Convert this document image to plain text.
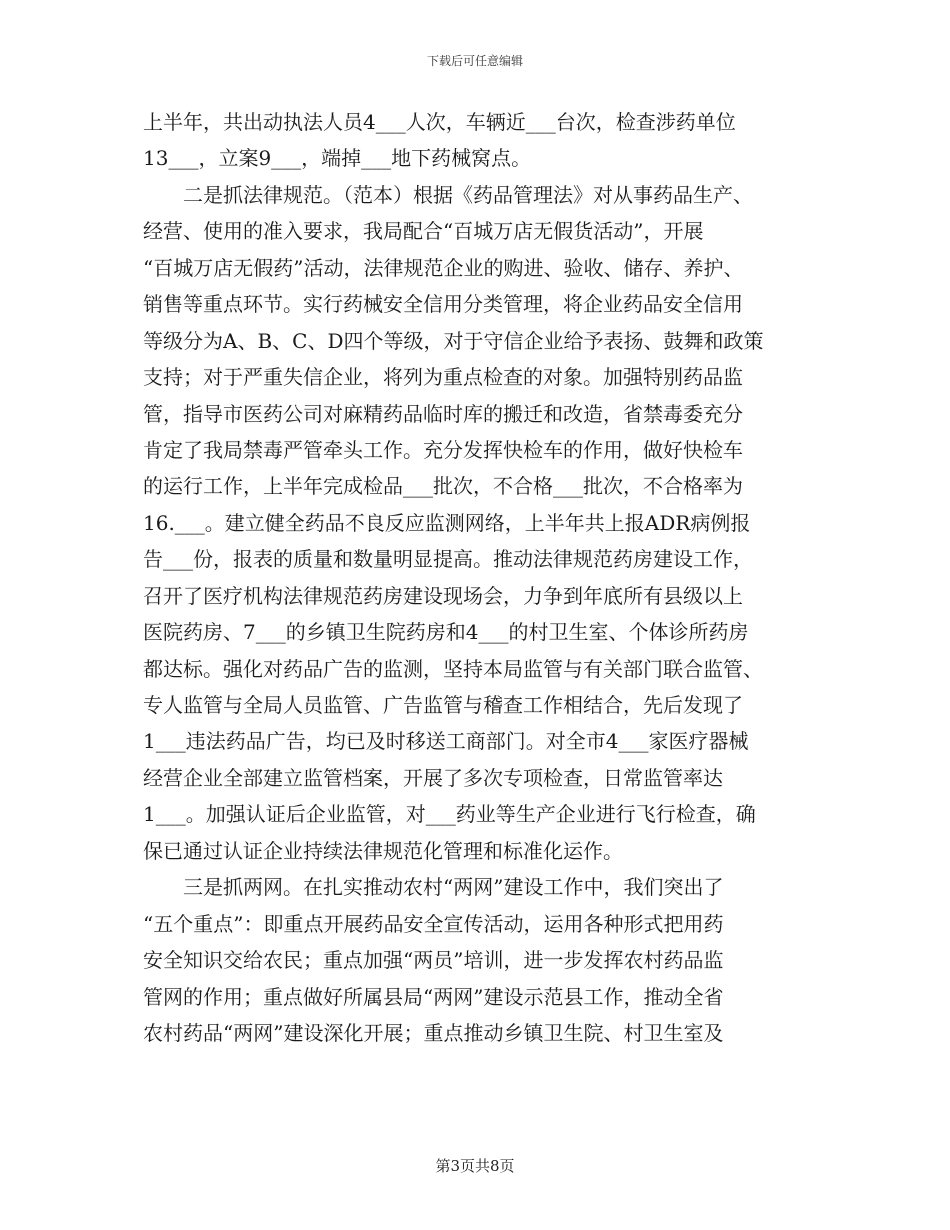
下载后可任意编辑
上半年，共出动执法人员4___人次，车辆近___台次，检查涉药单位
13___，立案9___，端掉___地下药械窝点。
　　二是抓法律规范。（范本）根据《药品管理法》对从事药品生产、
经营、使用的准入要求，我局配合“百城万店无假货活动”，开展
“百城万店无假药”活动，法律规范企业的购进、验收、储存、养护、
销售等重点环节。实行药械安全信用分类管理，将企业药品安全信用
等级分为A、B、C、D四个等级，对于守信企业给予表扬、鼓舞和政策
支持；对于严重失信企业，将列为重点检查的对象。加强特别药品监
管，指导市医药公司对麻精药品临时库的搬迁和改造，省禁毒委充分
肯定了我局禁毒严管牵头工作。充分发挥快检车的作用，做好快检车
的运行工作，上半年完成检品___批次，不合格___批次，不合格率为
16.___。建立健全药品不良反应监测网络，上半年共上报ADR病例报
告___份，报表的质量和数量明显提高。推动法律规范药房建设工作，
召开了医疗机构法律规范药房建设现场会，力争到年底所有县级以上
医院药房、7___的乡镇卫生院药房和4___的村卫生室、个体诊所药房
都达标。强化对药品广告的监测，坚持本局监管与有关部门联合监管、
专人监管与全局人员监管、广告监管与稽查工作相结合，先后发现了
1___违法药品广告，均已及时移送工商部门。对全市4___家医疗器械
经营企业全部建立监管档案，开展了多次专项检查，日常监管率达
1___。加强认证后企业监管，对___药业等生产企业进行飞行检查，确
保已通过认证企业持续法律规范化管理和标准化运作。
　　三是抓两网。在扎实推动农村“两网”建设工作中，我们突出了
“五个重点”：即重点开展药品安全宣传活动，运用各种形式把用药
安全知识交给农民；重点加强“两员”培训，进一步发挥农村药品监
管网的作用；重点做好所属县局“两网”建设示范县工作，推动全省
农村药品“两网”建设深化开展；重点推动乡镇卫生院、村卫生室及
第3页共8页
